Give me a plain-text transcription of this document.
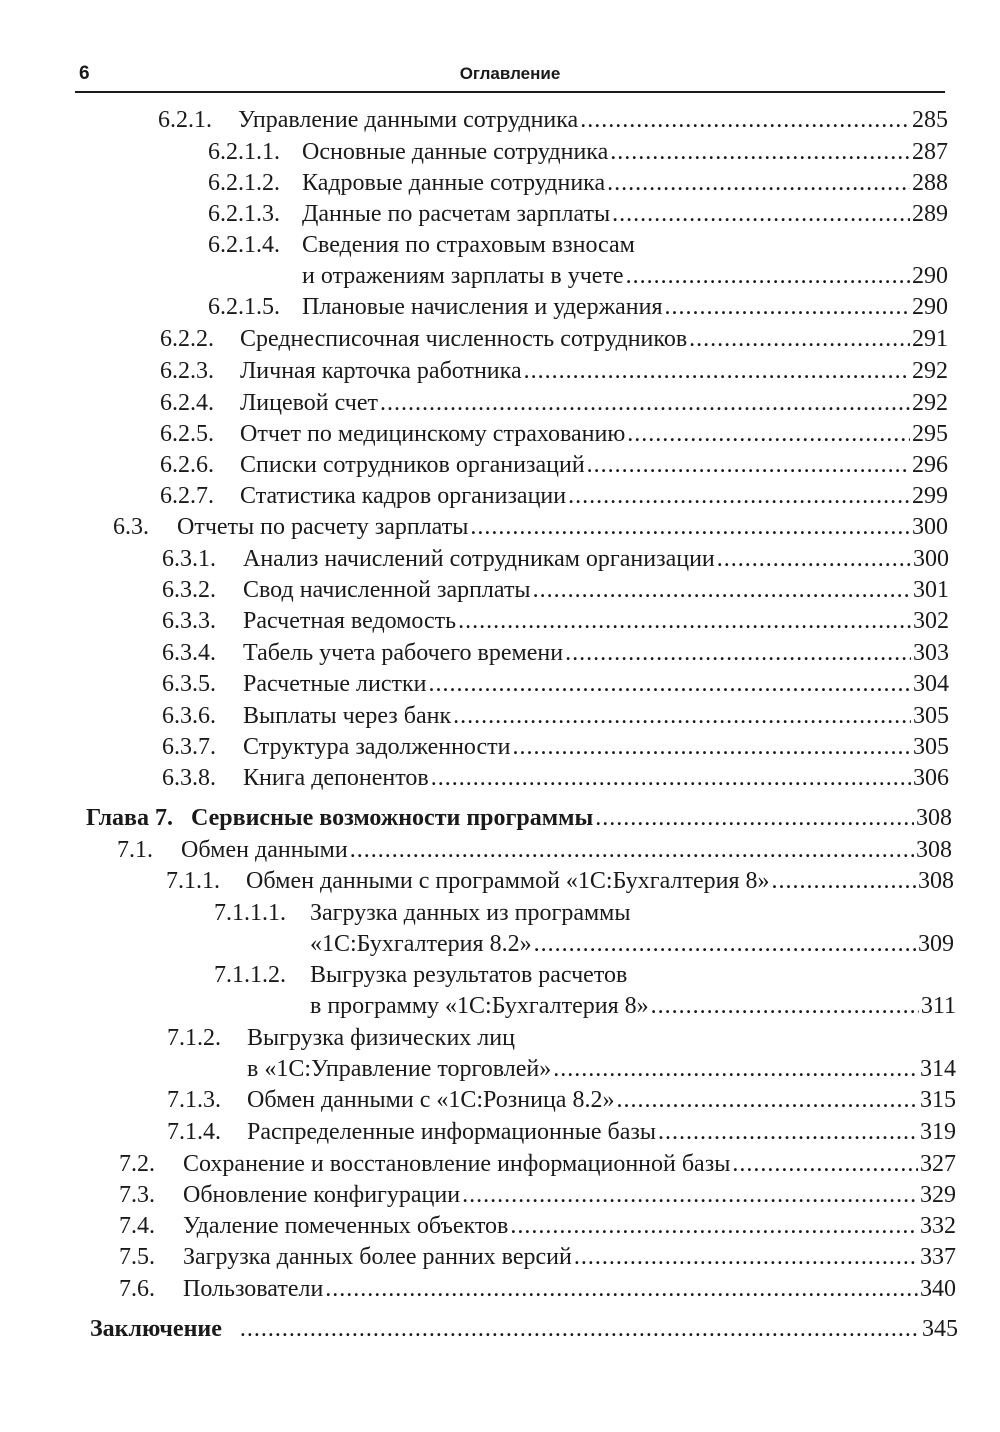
6	Оглавление
6.2.1.	Управление данными сотрудника .....	285
6.2.1.1. Основные данные сотрудника .....	287
6.2.1.2. Кадровые данные сотрудника .....	288
6.2.1.3. Данные по расчетам зарплаты .....	289
6.2.1.4. Сведения по страховым взносам
и отражениям зарплаты в учете .....	290
6.2.1.5. Плановые начисления и удержания .....	290
6.2.2.	Среднесписочная численность сотрудников .....	291
6.2.3.	Личная карточка работника .....	292
6.2.4.	Лицевой счет .....	292
6.2.5.	Отчет по медицинскому страхованию .....	295
6.2.6.	Списки сотрудников организаций .....	296
6.2.7.	Статистика кадров организации .....	299
6.3.	Отчеты по расчету зарплаты .....	300
6.3.1.	Анализ начислений сотрудникам организации .....	300
6.3.2.	Свод начисленной зарплаты .....	301
6.3.3.	Расчетная ведомость .....	302
6.3.4.	Табель учета рабочего времени .....	303
6.3.5.	Расчетные листки .....	304
6.3.6.	Выплаты через банк .....	305
6.3.7.	Структура задолженности .....	305
6.3.8.	Книга депонентов .....	306
Глава 7. Сервисные возможности программы .....	308
7.1.	Обмен данными .....	308
7.1.1.	Обмен данными с программой «1С:Бухгалтерия 8» .....	308
7.1.1.1.	Загрузка данных из программы
«1С:Бухгалтерия 8.2» .....	309
7.1.1.2.	Выгрузка результатов расчетов
в программу «1С:Бухгалтерия 8» .....	311
7.1.2.	Выгрузка физических лиц
в «1С:Управление торговлей» .....	314
7.1.3.	Обмен данными с «1С:Розница 8.2» .....	315
7.1.4.	Распределенные информационные базы .....	319
7.2.	Сохранение и восстановление информационной базы .....	327
7.3.	Обновление конфигурации .....	329
7.4.	Удаление помеченных объектов .....	332
7.5.	Загрузка данных более ранних версий .....	337
7.6.	Пользователи .....	340
Заключение .....	345
